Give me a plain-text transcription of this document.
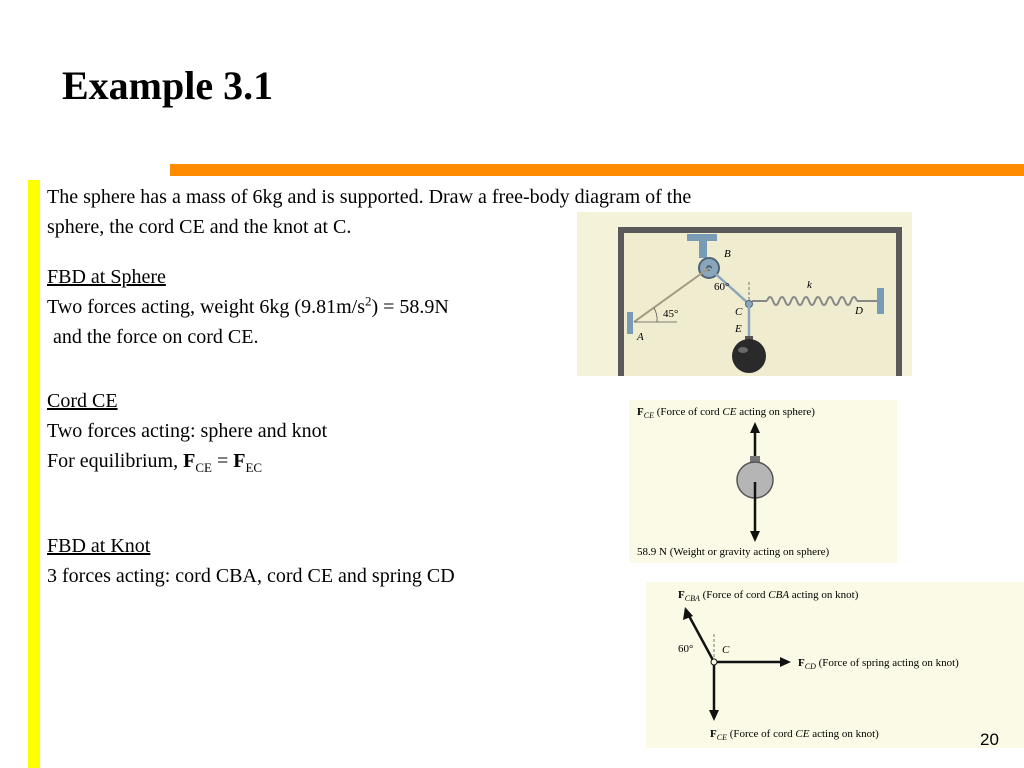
Example 3.1
The sphere has a mass of 6kg and is supported. Draw a free-body diagram of the
sphere, the cord CE and the knot at C.
FBD at Sphere
Two forces acting, weight 6kg $(9.81m/s^2) = 58.9N$
and the force on cord CE.
Cord CE
Two forces acting: sphere and knot
For equilibrium, $F_{CE} = F_{EC}$
FBD at Knot
3 forces acting: cord CBA, cord CE and spring CD
B
A
45°
60°
C
k
D
E
$F_{CE}$ (Force of cord CE acting on sphere)
58.9 N (Weight or gravity acting on sphere)
$F_{CBA}$ (Force of cord CBA acting on knot)
60°	C
$F_{CD}$ (Force of spring acting on knot)
$F_{CE}$ (Force of cord CE acting on knot)	20
